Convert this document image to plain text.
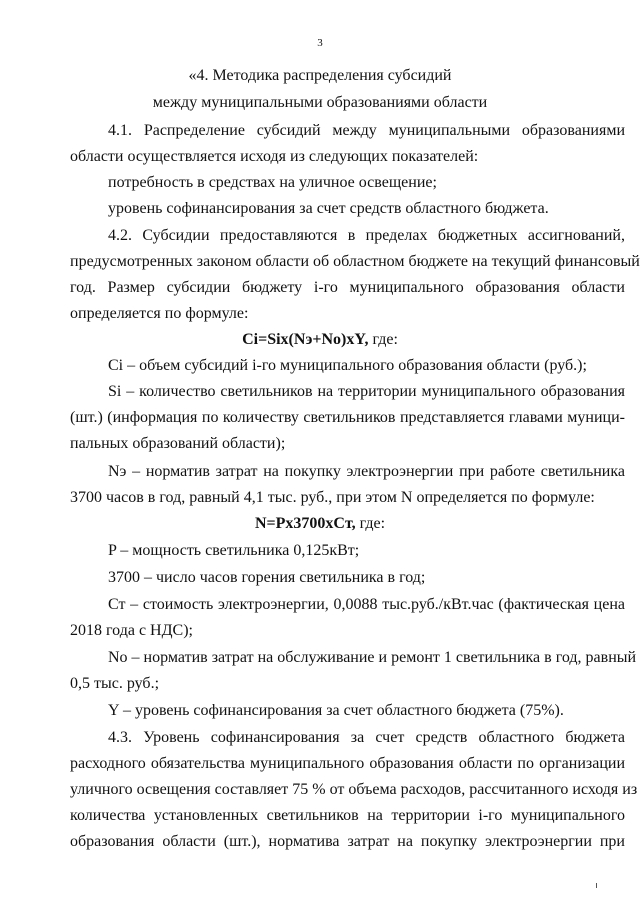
3
«4. Методика распределения субсидий
между муниципальными образованиями области
4.1. Распределение субсидий между муниципальными образованиями
области осуществляется исходя из следующих показателей:
потребность в средствах на уличное освещение;
уровень софинансирования за счет средств областного бюджета.
4.2. Субсидии предоставляются в пределах бюджетных ассигнований,
предусмотренных законом области об областном бюджете на текущий финансовый
год. Размер субсидии бюджету i-го муниципального образования области
определяется по формуле:
Ci=Six(Nэ+Nо)xY, где:
Ci – объем субсидий i-го муниципального образования области (руб.);
Si – количество светильников на территории муниципального образования
(шт.) (информация по количеству светильников представляется главами муници-
пальных образований области);
Nэ – норматив затрат на покупку электроэнергии при работе светильника
3700 часов в год, равный 4,1 тыс. руб., при этом N определяется по формуле:
N=Px3700xCт, где:
P – мощность светильника 0,125кВт;
3700 – число часов горения светильника в год;
Ст – стоимость электроэнергии, 0,0088 тыс.руб./кВт.час (фактическая цена
2018 года с НДС);
Nо – норматив затрат на обслуживание и ремонт 1 светильника в год, равный
0,5 тыс. руб.;
Y – уровень софинансирования за счет областного бюджета (75%).
4.3. Уровень софинансирования за счет средств областного бюджета
расходного обязательства муниципального образования области по организации
уличного освещения составляет 75 % от объема расходов, рассчитанного исходя из
количества установленных светильников на территории i-го муниципального
образования области (шт.), норматива затрат на покупку электроэнергии при
